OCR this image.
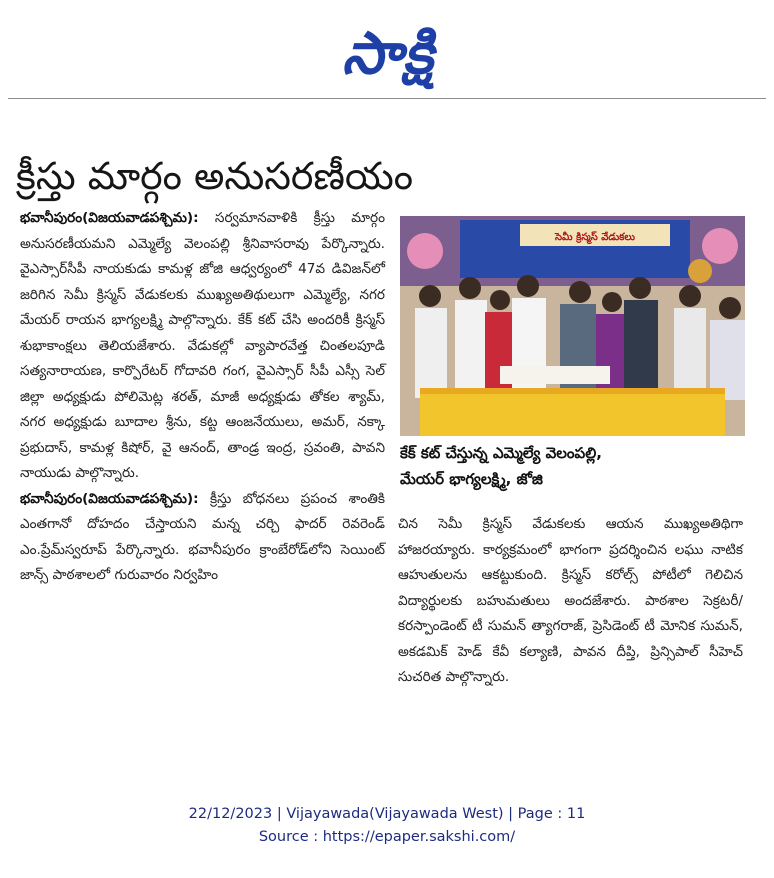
సాక్షి
క్రీస్తు మార్గం అనుసరణీయం

భవానీపురం(విజయవాడపశ్చిమ): సర్వమానవాళికి క్రీస్తు మార్గం అనుసరణీయమని ఎమ్మెల్యే వెలంపల్లి శ్రీనివాసరావు పేర్కొన్నారు. వైఎస్సార్‌సీపీ నాయకుడు కామళ్ల జోజి ఆధ్వర్యంలో 47వ డివిజన్‌లో జరిగిన సెమీ క్రిస్మస్‌ వేడుకలకు ముఖ్యఅతిథులుగా ఎమ్మెల్యే, నగర మేయర్‌ రాయన భాగ్యలక్ష్మి పాల్గొన్నారు. కేక్‌ కట్‌ చేసి అందరికీ క్రిస్మస్‌ శుభాకాంక్షలు తెలియజేశారు. వేడుకల్లో వ్యాపారవేత్త చింతలపూడి సత్యనారాయణ, కార్పొరేటర్‌ గోదావరి గంగ, వైఎస్సార్‌ సీపీ ఎస్సీ సెల్‌ జిల్లా అధ్యక్షుడు పోలిమెట్ల శరత్‌, మాజీ అధ్యక్షుడు తోకల శ్యామ్‌, నగర అధ్యక్షుడు బూదాల శ్రీను, కట్ట ఆంజనేయులు, అమర్‌, నక్కా ప్రభుదాస్‌, కామళ్ల కిషోర్‌, వై ఆనంద్‌, తాండ్ర ఇంద్ర, స్రవంతి, పావని నాయుడు పాల్గొన్నారు.

భవానీపురం(విజయవాడపశ్చిమ): క్రీస్తు బోధనలు ప్రపంచ శాంతికి ఎంతగానో దోహదం చేస్తాయని మన్న చర్చి ఫాదర్‌ రెవరెండ్‌ ఎం.ప్రేమ్‌స్వరూప్‌ పేర్కొన్నారు. భవానీపురం క్రాంబేరోడ్‌లోని సెయింట్‌ జాన్స్‌ పాఠశాలలో గురువారం నిర్వహిం

సెమీ క్రిస్మస్‌ వేడుకలు
కేక్‌ కట్‌ చేస్తున్న ఎమ్మెల్యే వెలంపల్లి,
మేయర్‌ భాగ్యలక్ష్మి, జోజి

చిన సెమీ క్రిస్మస్‌ వేడుకలకు ఆయన ముఖ్యఅతిథిగా హాజరయ్యారు. కార్యక్రమంలో భాగంగా ప్రదర్శించిన లఘు నాటిక ఆహుతులను ఆకట్టుకుంది. క్రిస్మస్‌ కరోల్స్‌ పోటీలో గెలిచిన విద్యార్థులకు బహుమతులు అందజేశారు. పాఠశాల సెక్రటరీ/కరస్పాండెంట్‌ టీ సుమన్‌ త్యాగరాజ్‌, ప్రెసిడెంట్‌ టీ మోనిక సుమన్‌, అకడమిక్‌ హెడ్‌ కేవీ కల్యాణి, పావన దీప్తి, ప్రిన్సిపాల్‌ సీహెచ్‌ సుచరిత పాల్గొన్నారు.

22/12/2023 | Vijayawada(Vijayawada West) | Page : 11
Source : https://epaper.sakshi.com/
